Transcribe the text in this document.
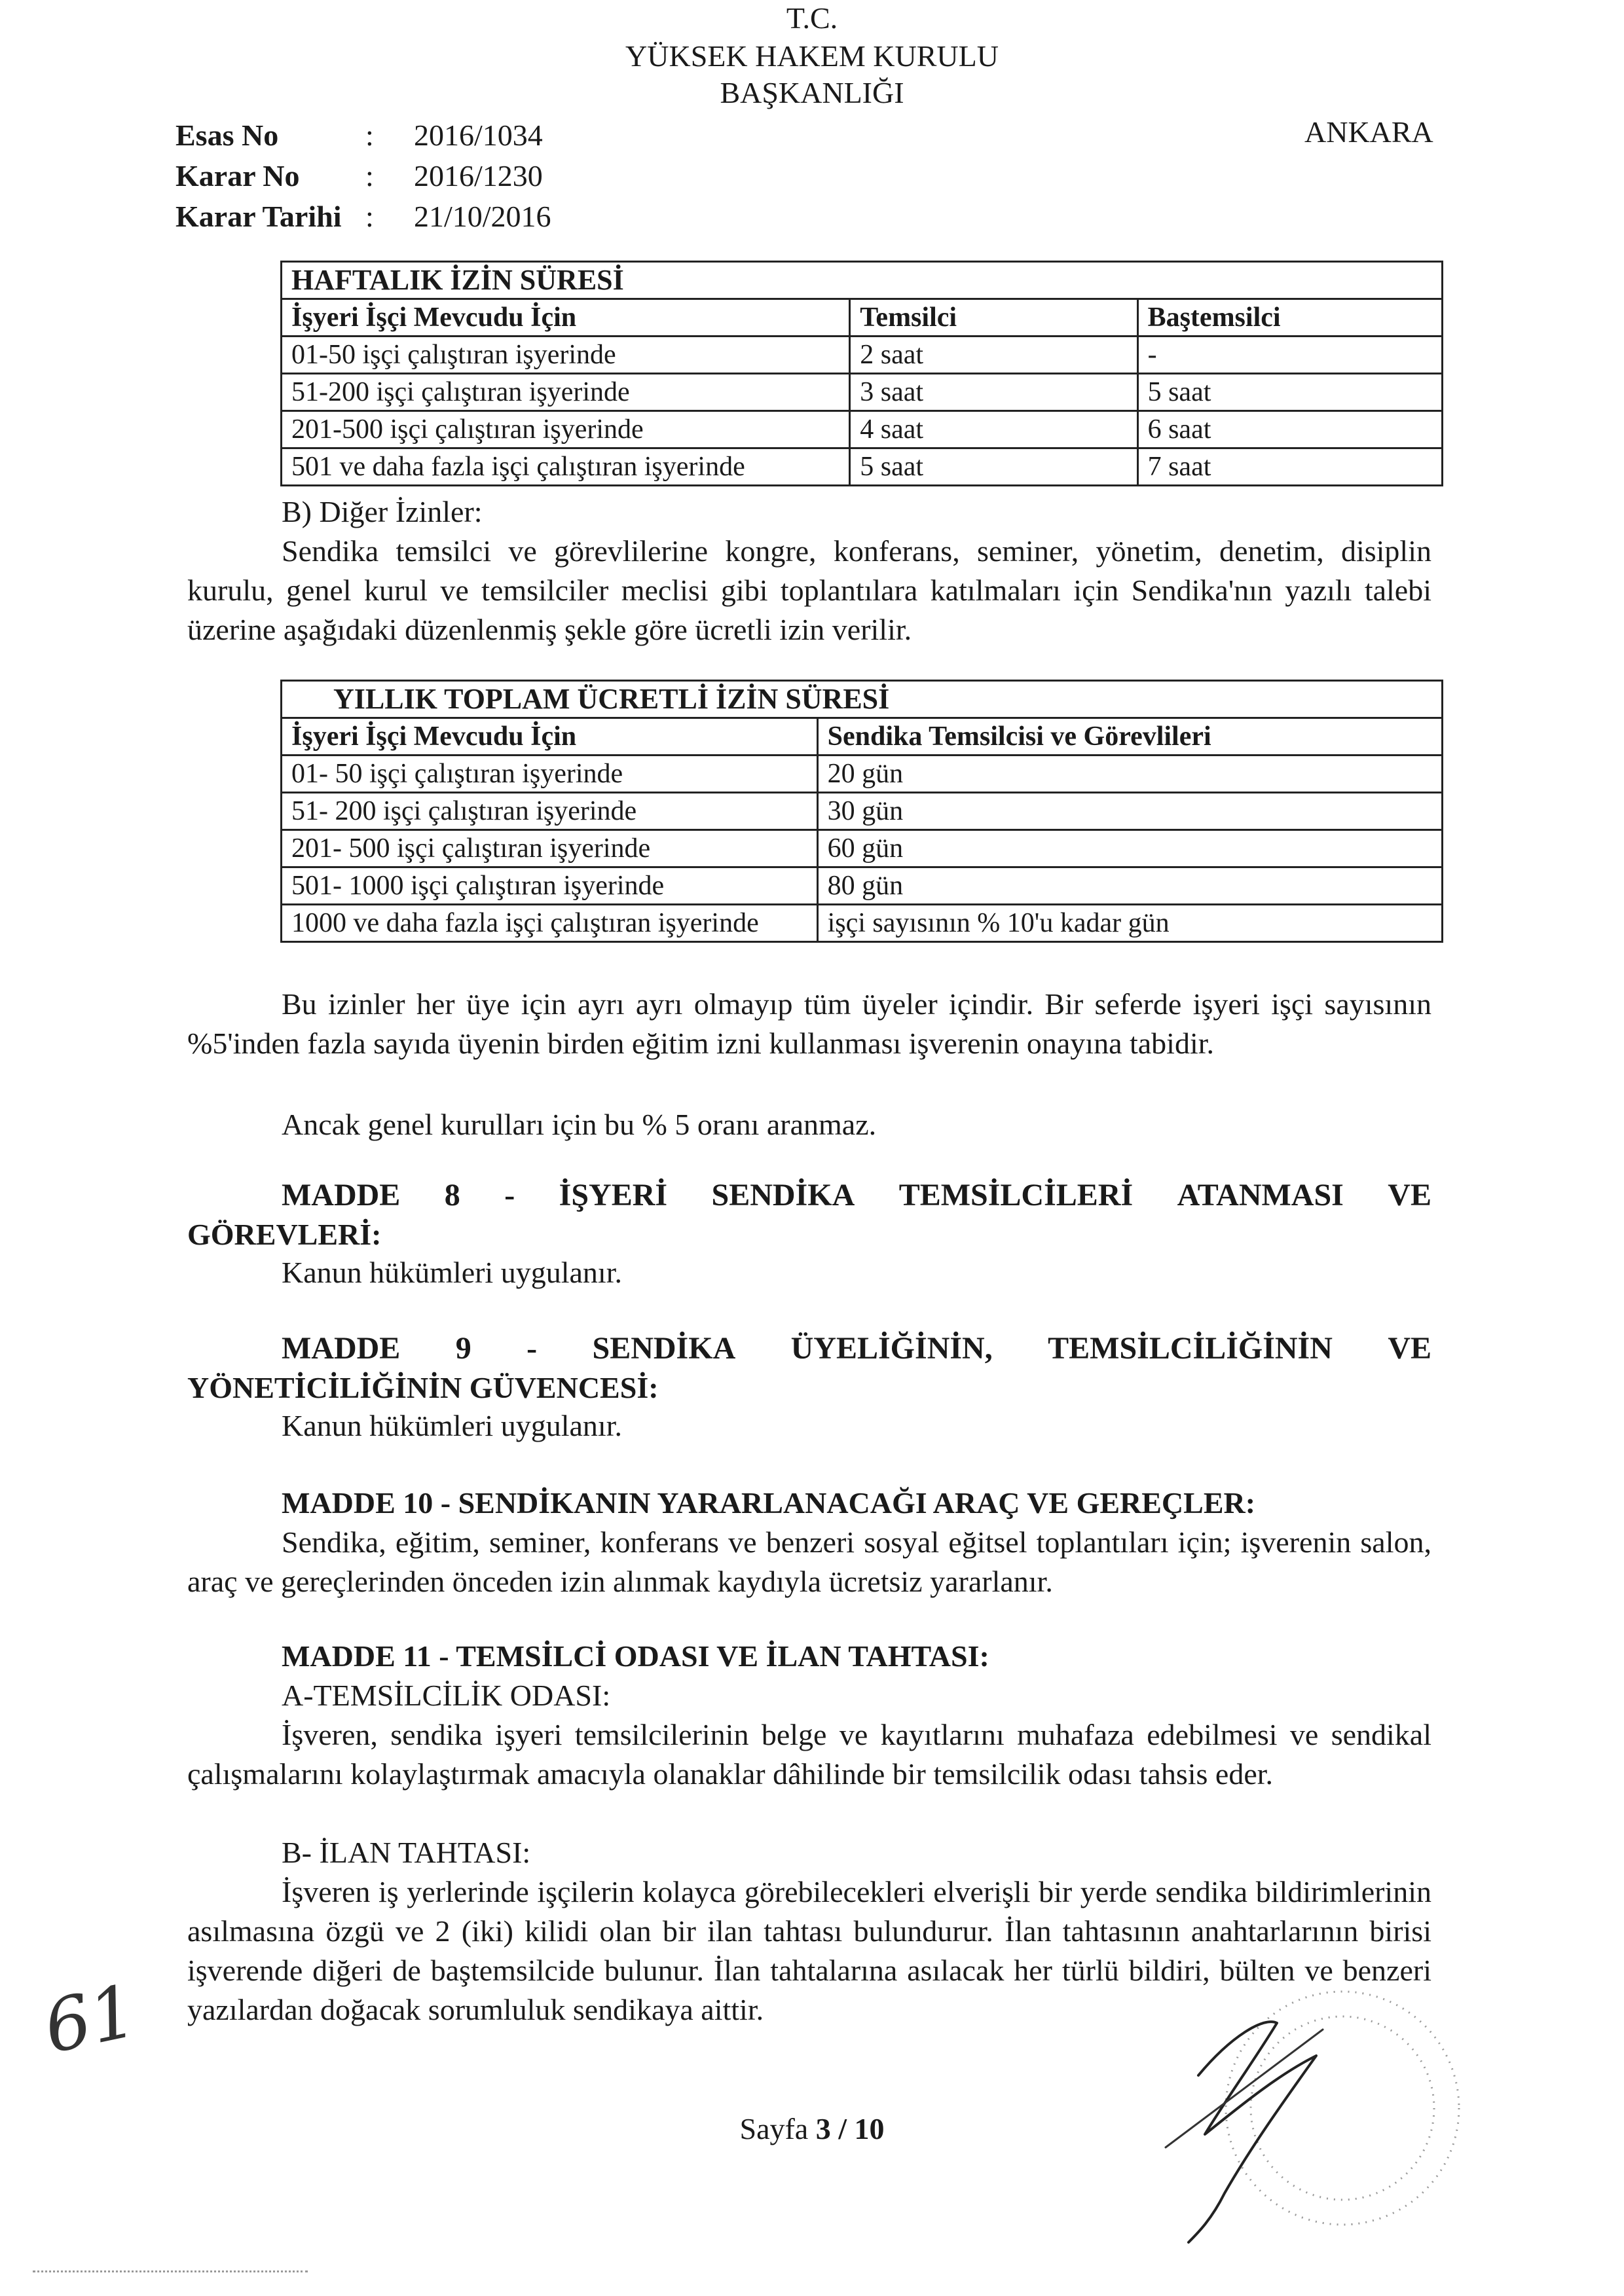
T.C.
YÜKSEK HAKEM KURULU
BAŞKANLIĞI
ANKARA
Esas No	:	2016/1034
Karar No	:	2016/1230
Karar Tarihi :	21/10/2016
HAFTALIK İZİN SÜRESİ		
İşyeri İşçi Mevcudu İçin	Temsilci	Baştemsilci
01-50 işçi çalıştıran işyerinde	2 saat	-
51-200 işçi çalıştıran işyerinde	3 saat	5 saat
201-500 işçi çalıştıran işyerinde	4 saat	6 saat
501 ve daha fazla işçi çalıştıran işyerinde	5 saat	7 saat
B) Diğer İzinler:
Sendika temsilci ve görevlilerine kongre, konferans, seminer, yönetim, denetim, disiplin kurulu, genel kurul ve temsilciler meclisi gibi toplantılara katılmaları için Sendika'nın yazılı talebi üzerine aşağıdaki düzenlenmiş şekle göre ücretli izin verilir.
YILLIK TOPLAM ÜCRETLİ İZİN SÜRESİ	
İşyeri İşçi Mevcudu İçin	Sendika Temsilcisi ve Görevlileri
01- 50 işçi çalıştıran işyerinde	20 gün
51- 200 işçi çalıştıran işyerinde	30 gün
201- 500 işçi çalıştıran işyerinde	60 gün
501- 1000 işçi çalıştıran işyerinde	80 gün
1000 ve daha fazla işçi çalıştıran işyerinde	işçi sayısının % 10'u kadar gün
Bu izinler her üye için ayrı ayrı olmayıp tüm üyeler içindir. Bir seferde işyeri işçi sayısının %5'inden fazla sayıda üyenin birden eğitim izni kullanması işverenin onayına tabidir.
Ancak genel kurulları için bu % 5 oranı aranmaz.
MADDE 8 - İŞYERİ SENDİKA TEMSİLCİLERİ ATANMASI VE
GÖREVLERİ:
Kanun hükümleri uygulanır.
MADDE 9 - SENDİKA ÜYELİĞİNİN, TEMSİLCİLİĞİNİN VE
YÖNETİCİLİĞİNİN GÜVENCESİ:
Kanun hükümleri uygulanır.
MADDE 10 - SENDİKANIN YARARLANACAĞI ARAÇ VE GEREÇLER:
Sendika, eğitim, seminer, konferans ve benzeri sosyal eğitsel toplantıları için; işverenin salon, araç ve gereçlerinden önceden izin alınmak kaydıyla ücretsiz yararlanır.
MADDE 11 - TEMSİLCİ ODASI VE İLAN TAHTASI:
A-TEMSİLCİLİK ODASI:
İşveren, sendika işyeri temsilcilerinin belge ve kayıtlarını muhafaza edebilmesi ve sendikal çalışmalarını kolaylaştırmak amacıyla olanaklar dâhilinde bir temsilcilik odası tahsis eder.
B- İLAN TAHTASI:
İşveren iş yerlerinde işçilerin kolayca görebilecekleri elverişli bir yerde sendika bildirimlerinin asılmasına özgü ve 2 (iki) kilidi olan bir ilan tahtası bulundurur. İlan tahtasının anahtarlarının birisi işverende diğeri de baştemsilcide bulunur. İlan tahtalarına asılacak her türlü bildiri, bülten ve benzeri yazılardan doğacak sorumluluk sendikaya aittir.
61
Sayfa 3 / 10
